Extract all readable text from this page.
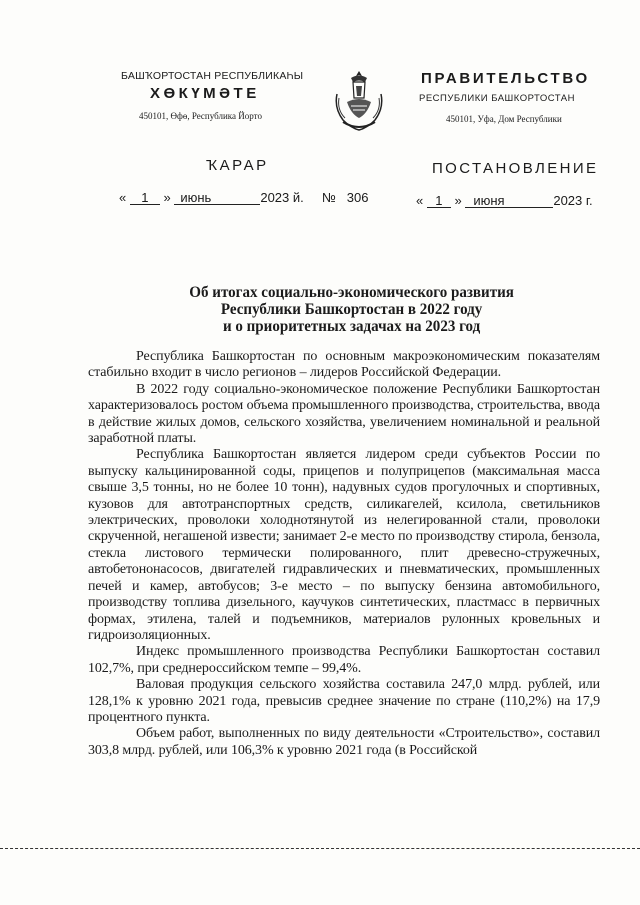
БАШҠОРТОСТАН РЕСПУБЛИКАҺЫ
ХӨКҮМӘТЕ
450101, Өфө, Республика Йорто
ПРАВИТЕЛЬСТВО
РЕСПУБЛИКИ БАШКОРТОСТАН
450101, Уфа, Дом Республики
ҠАРАР	ПОСТАНОВЛЕНИЕ
« 1 » июнь	2023 й. № 306	« 1 » июня	2023 г.
Об итогах социально-экономического развития
Республики Башкортостан в 2022 году
и о приоритетных задачах на 2023 год

Республика Башкортостан по основным макроэкономическим показателям стабильно входит в число регионов – лидеров Российской Федерации.

В 2022 году социально-экономическое положение Республики Башкортостан характеризовалось ростом объема промышленного производства, строительства, ввода в действие жилых домов, сельского хозяйства, увеличением номинальной и реальной заработной платы.

Республика Башкортостан является лидером среди субъектов России по выпуску кальцинированной соды, прицепов и полуприцепов (максимальная масса свыше 3,5 тонны, но не более 10 тонн), надувных судов прогулочных и спортивных, кузовов для автотранспортных средств, силикагелей, ксилола, светильников электрических, проволоки холоднотянутой из нелегированной стали, проволоки скрученной, негашеной извести; занимает 2-е место по производству стирола, бензола, стекла листового термически полированного, плит древесно-стружечных, автобетононасосов, двигателей гидравлических и пневматических, промышленных печей и камер, автобусов; 3-е место – по выпуску бензина автомобильного, производству топлива дизельного, каучуков синтетических, пластмасс в первичных формах, этилена, талей и подъемников, материалов рулонных кровельных и гидроизоляционных.

Индекс промышленного производства Республики Башкортостан составил 102,7%, при среднероссийском темпе – 99,4%.

Валовая продукция сельского хозяйства составила 247,0 млрд. рублей, или 128,1% к уровню 2021 года, превысив среднее значение по стране (110,2%) на 17,9 процентного пункта.

Объем работ, выполненных по виду деятельности «Строительство», составил 303,8 млрд. рублей, или 106,3% к уровню 2021 года (в Российской
